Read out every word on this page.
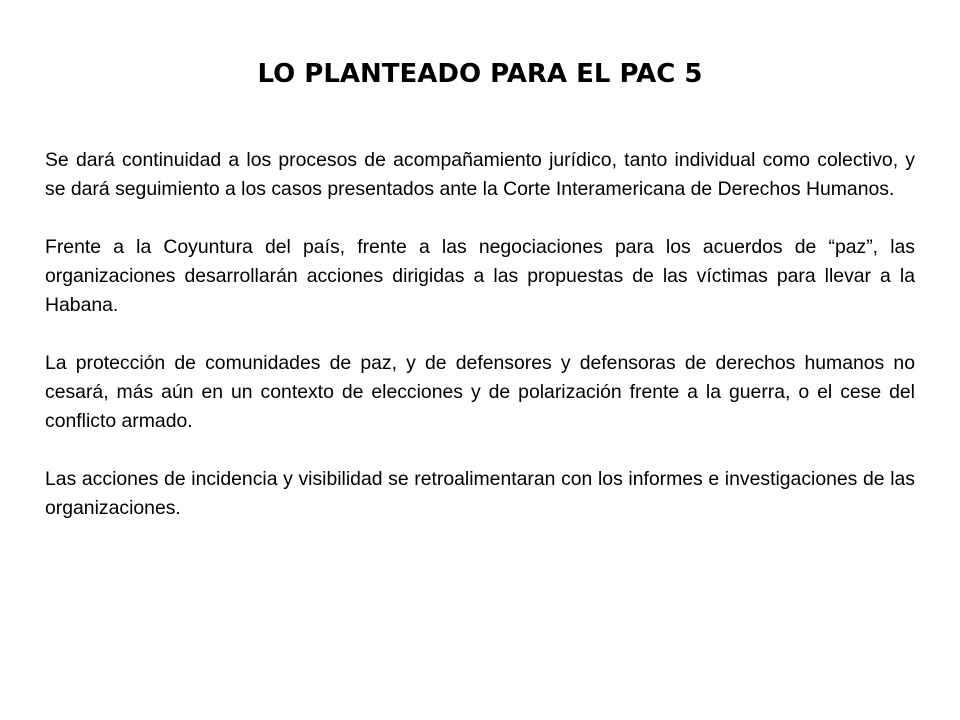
LO PLANTEADO PARA EL PAC 5

Se dará continuidad a los procesos de acompañamiento jurídico, tanto individual como colectivo, y se dará seguimiento a los casos presentados ante la Corte Interamericana de Derechos Humanos.

Frente a la Coyuntura del país, frente a las negociaciones para los acuerdos de “paz”, las organizaciones desarrollarán acciones dirigidas a las propuestas de las víctimas para llevar a la Habana.

La protección de comunidades de paz, y de defensores y defensoras de derechos humanos no cesará, más aún en un contexto de elecciones y de polarización frente a la guerra, o el cese del conflicto armado.

Las acciones de incidencia y visibilidad se retroalimentaran con los informes e investigaciones de las organizaciones.
